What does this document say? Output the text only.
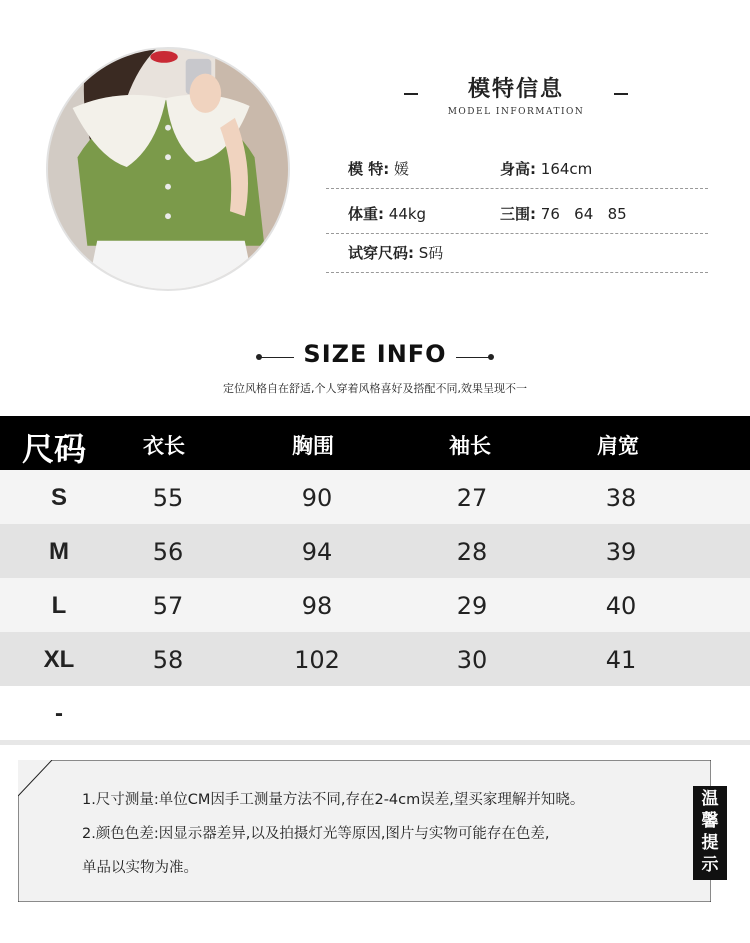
模特信息
MODEL INFORMATION
模 特: 媛	身高: 164cm
体重: 44kg	三围: 76   64   85
试穿尺码: S码
SIZE INFO
定位风格自在舒适,个人穿着风格喜好及搭配不同,效果呈现不一
尺码	衣长	胸围	袖长	肩宽
S	55	90	27	38
M	56	94	28	39
L	57	98	29	40
XL	58	102	30	41
-
1.尺寸测量:单位CM因手工测量方法不同,存在2-4cm误差,望买家理解并知晓。
2.颜色色差:因显示器差异,以及拍摄灯光等原因,图片与实物可能存在色差,
单品以实物为准。
温
馨
提
示
